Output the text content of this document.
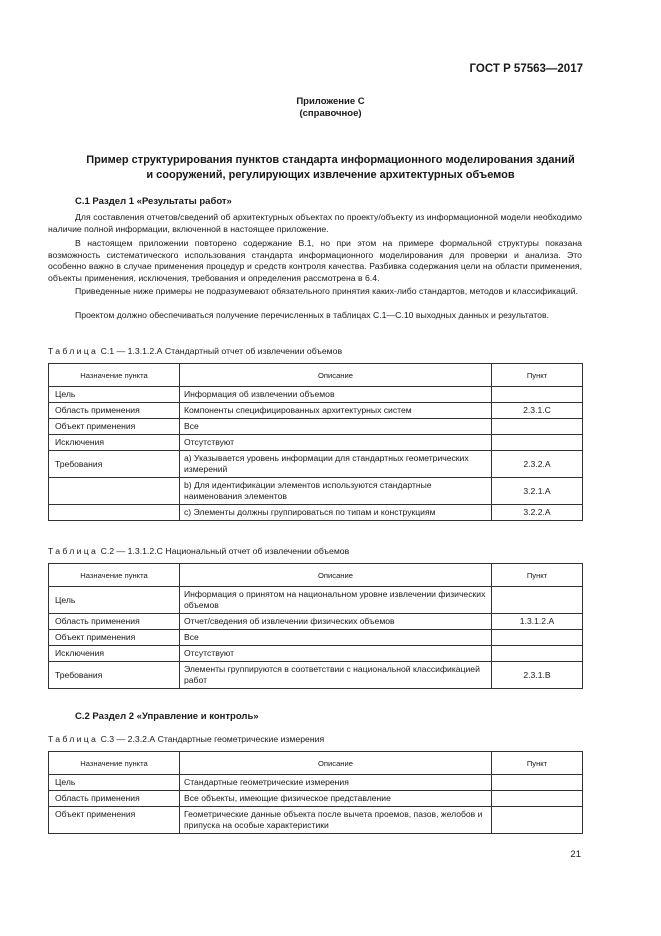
ГОСТ Р 57563—2017
Приложение С
(справочное)
Пример структурирования пунктов стандарта информационного моделирования зданий
и сооружений, регулирующих извлечение архитектурных объемов
С.1 Раздел 1 «Результаты работ»

Для составления отчетов/сведений об архитектурных объектах по проекту/объекту из информационной модели необходимо наличие полной информации, включенной в настоящее приложение.

В настоящем приложении повторено содержание В.1, но при этом на примере формальной структуры показана возможность систематического использования стандарта информационного моделирования для проверки и анализа. Это особенно важно в случае применения процедур и средств контроля качества. Разбивка содержания цели на области применения, объекты применения, исключения, требования и определения рассмотрена в 6.4.

Приведенные ниже примеры не подразумевают обязательного принятия каких-либо стандартов, методов и классификаций.

Проектом должно обеспечиваться получение перечисленных в таблицах С.1—С.10 выходных данных и результатов.

Таблица С.1 — 1.3.1.2.А Стандартный отчет об извлечении объемов
Назначение пункта	Описание	Пункт
Цель	Информация об извлечении объемов	
Область применения	Компоненты специфицированных архитектурных систем	2.3.1.С
Объект применения	Все	
Исключения	Отсутствуют	
Требования	а) Указывается уровень информации для стандартных геометрических измерений	2.3.2.А
	b) Для идентификации элементов используются стандартные наименования элементов	3.2.1.А
	с) Элементы должны группироваться по типам и конструкциям	3.2.2.А
Таблица С.2 — 1.3.1.2.С Национальный отчет об извлечении объемов
Назначение пункта	Описание	Пункт
Цель	Информация о принятом на национальном уровне извлечении физических объемов	
Область применения	Отчет/сведения об извлечении физических объемов	1.3.1.2.А
Объект применения	Все	
Исключения	Отсутствуют	
Требования	Элементы группируются в соответствии с национальной классификацией работ	2.3.1.В
С.2 Раздел 2 «Управление и контроль»
Таблица С.3 — 2.3.2.А Стандартные геометрические измерения
Назначение пункта	Описание	Пункт
Цель	Стандартные геометрические измерения	
Область применения	Все объекты, имеющие физическое представление	
Объект применения	Геометрические данные объекта после вычета проемов, пазов, желобов и припуска на особые характеристики	
21
